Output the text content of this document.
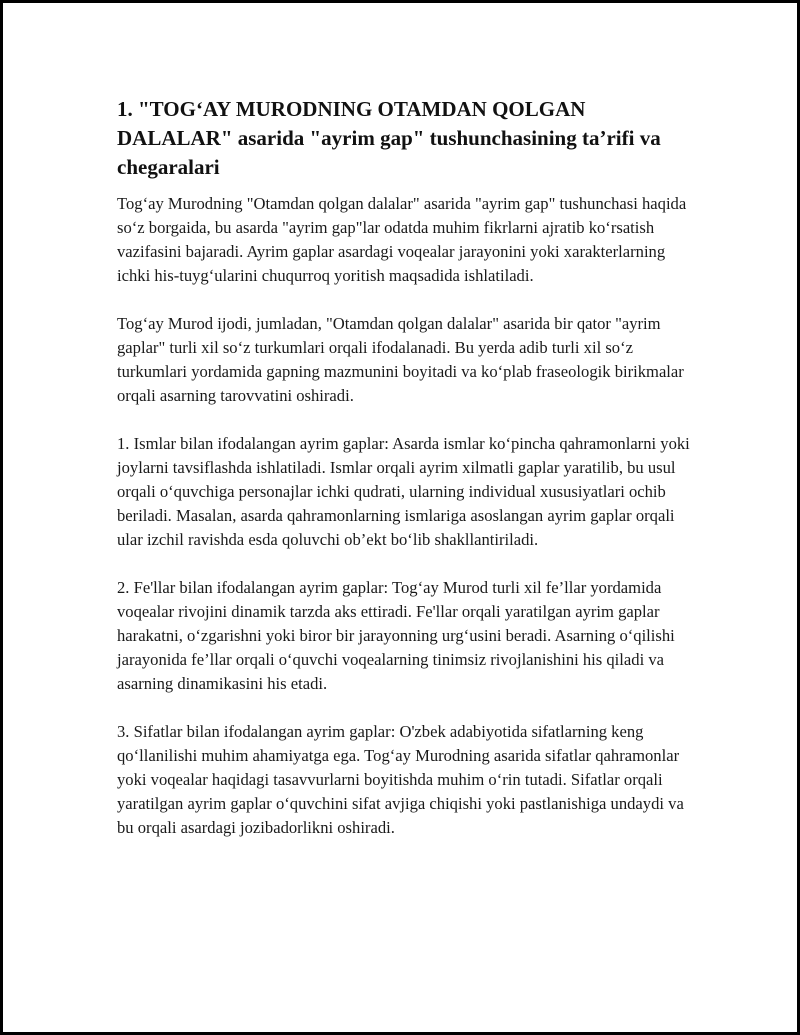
1. "TOG‘AY MURODNING OTAMDAN QOLGAN DALALAR" asarida "ayrim gap" tushunchasining ta’rifi va chegaralari

Tog‘ay Murodning "Otamdan qolgan dalalar" asarida "ayrim gap" tushunchasi haqida so‘z borgaida, bu asarda "ayrim gap"lar odatda muhim fikrlarni ajratib ko‘rsatish vazifasini bajaradi. Ayrim gaplar asardagi voqealar jarayonini yoki xarakterlarning ichki his-tuyg‘ularini chuqurroq yoritish maqsadida ishlatiladi.

Tog‘ay Murod ijodi, jumladan, "Otamdan qolgan dalalar" asarida bir qator "ayrim gaplar" turli xil so‘z turkumlari orqali ifodalanadi. Bu yerda adib turli xil so‘z turkumlari yordamida gapning mazmunini boyitadi va ko‘plab fraseologik birikmalar orqali asarning tarovvatini oshiradi.

1. Ismlar bilan ifodalangan ayrim gaplar: Asarda ismlar ko‘pincha qahramonlarni yoki joylarni tavsiflashda ishlatiladi. Ismlar orqali ayrim xilmatli gaplar yaratilib, bu usul orqali o‘quvchiga personajlar ichki qudrati, ularning individual xususiyatlari ochib beriladi. Masalan, asarda qahramonlarning ismlariga asoslangan ayrim gaplar orqali ular izchil ravishda esda qoluvchi ob’ekt bo‘lib shakllantiriladi.

2. Fe'llar bilan ifodalangan ayrim gaplar: Tog‘ay Murod turli xil fe’llar yordamida voqealar rivojini dinamik tarzda aks ettiradi. Fe'llar orqali yaratilgan ayrim gaplar harakatni, o‘zgarishni yoki biror bir jarayonning urg‘usini beradi. Asarning o‘qilishi jarayonida fe’llar orqali o‘quvchi voqealarning tinimsiz rivojlanishini his qiladi va asarning dinamikasini his etadi.

3. Sifatlar bilan ifodalangan ayrim gaplar: O'zbek adabiyotida sifatlarning keng qo‘llanilishi muhim ahamiyatga ega. Tog‘ay Murodning asarida sifatlar qahramonlar yoki voqealar haqidagi tasavvurlarni boyitishda muhim o‘rin tutadi. Sifatlar orqali yaratilgan ayrim gaplar o‘quvchini sifat avjiga chiqishi yoki pastlanishiga undaydi va bu orqali asardagi jozibadorlikni oshiradi.
